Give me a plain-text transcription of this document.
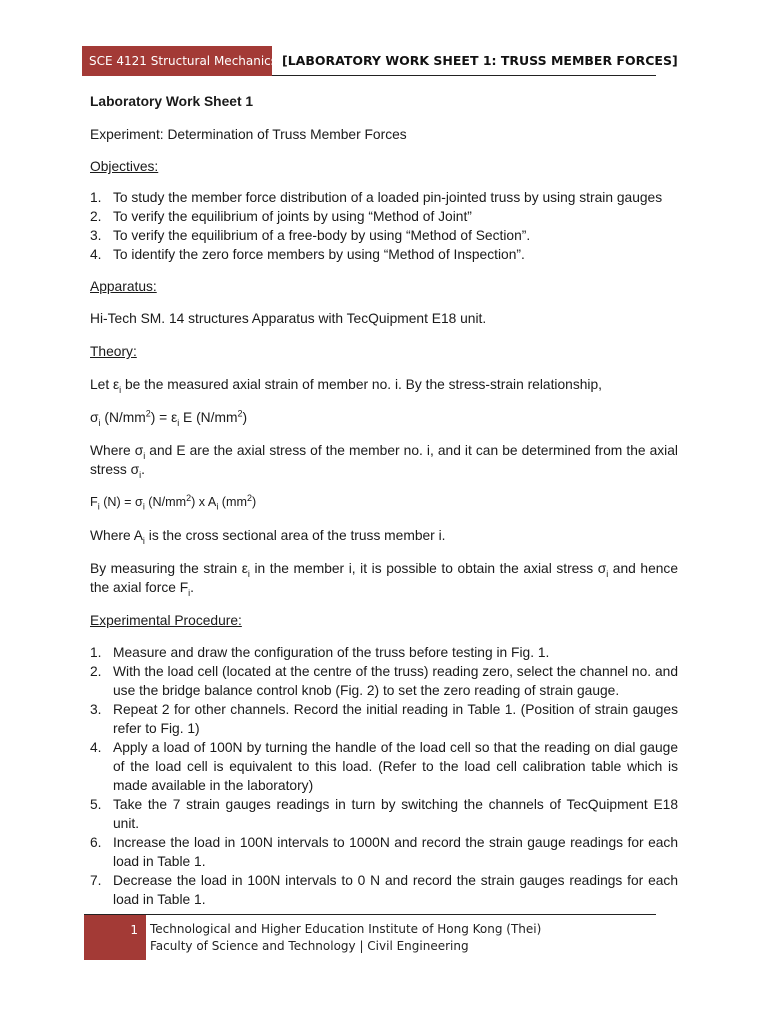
SCE 4121 Structural Mechanics [LABORATORY WORK SHEET 1: TRUSS MEMBER FORCES]

Laboratory Work Sheet 1

Experiment: Determination of Truss Member Forces

Objectives:

1. To study the member force distribution of a loaded pin-jointed truss by using strain gauges
2. To verify the equilibrium of joints by using “Method of Joint”
3. To verify the equilibrium of a free-body by using “Method of Section”.
4. To identify the zero force members by using “Method of Inspection”.

Apparatus:

Hi-Tech SM. 14 structures Apparatus with TecQuipment E18 unit.

Theory:

Let $\varepsilon_i$ be the measured axial strain of member no. i. By the stress-strain relationship,

$\sigma_i$ $(N/mm^2) = \varepsilon_i$ E $(N/mm^2)$

Where $\sigma_i$ and E are the axial stress of the member no. i, and it can be determined from the axial stress $\sigma_i$.

$F_i$ $(N) = \sigma_i$ $(N/mm^2)$ x $A_i$ $(mm^2)$

Where $A_i$ is the cross sectional area of the truss member i.

By measuring the strain $\varepsilon_i$ in the member i, it is possible to obtain the axial stress $\sigma_i$ and hence the axial force $F_i$.

Experimental Procedure:

1. Measure and draw the configuration of the truss before testing in Fig. 1.
2. With the load cell (located at the centre of the truss) reading zero, select the channel no. and use the bridge balance control knob (Fig. 2) to set the zero reading of strain gauge.
3. Repeat 2 for other channels. Record the initial reading in Table 1. (Position of strain gauges refer to Fig. 1)
4. Apply a load of 100N by turning the handle of the load cell so that the reading on dial gauge of the load cell is equivalent to this load. (Refer to the load cell calibration table which is made available in the laboratory)
5. Take the 7 strain gauges readings in turn by switching the channels of TecQuipment E18 unit.
6. Increase the load in 100N intervals to 1000N and record the strain gauge readings for each load in Table 1.
7. Decrease the load in 100N intervals to 0 N and record the strain gauges readings for each load in Table 1.
1	Technological and Higher Education Institute of Hong Kong (Thei)
Faculty of Science and Technology | Civil Engineering
